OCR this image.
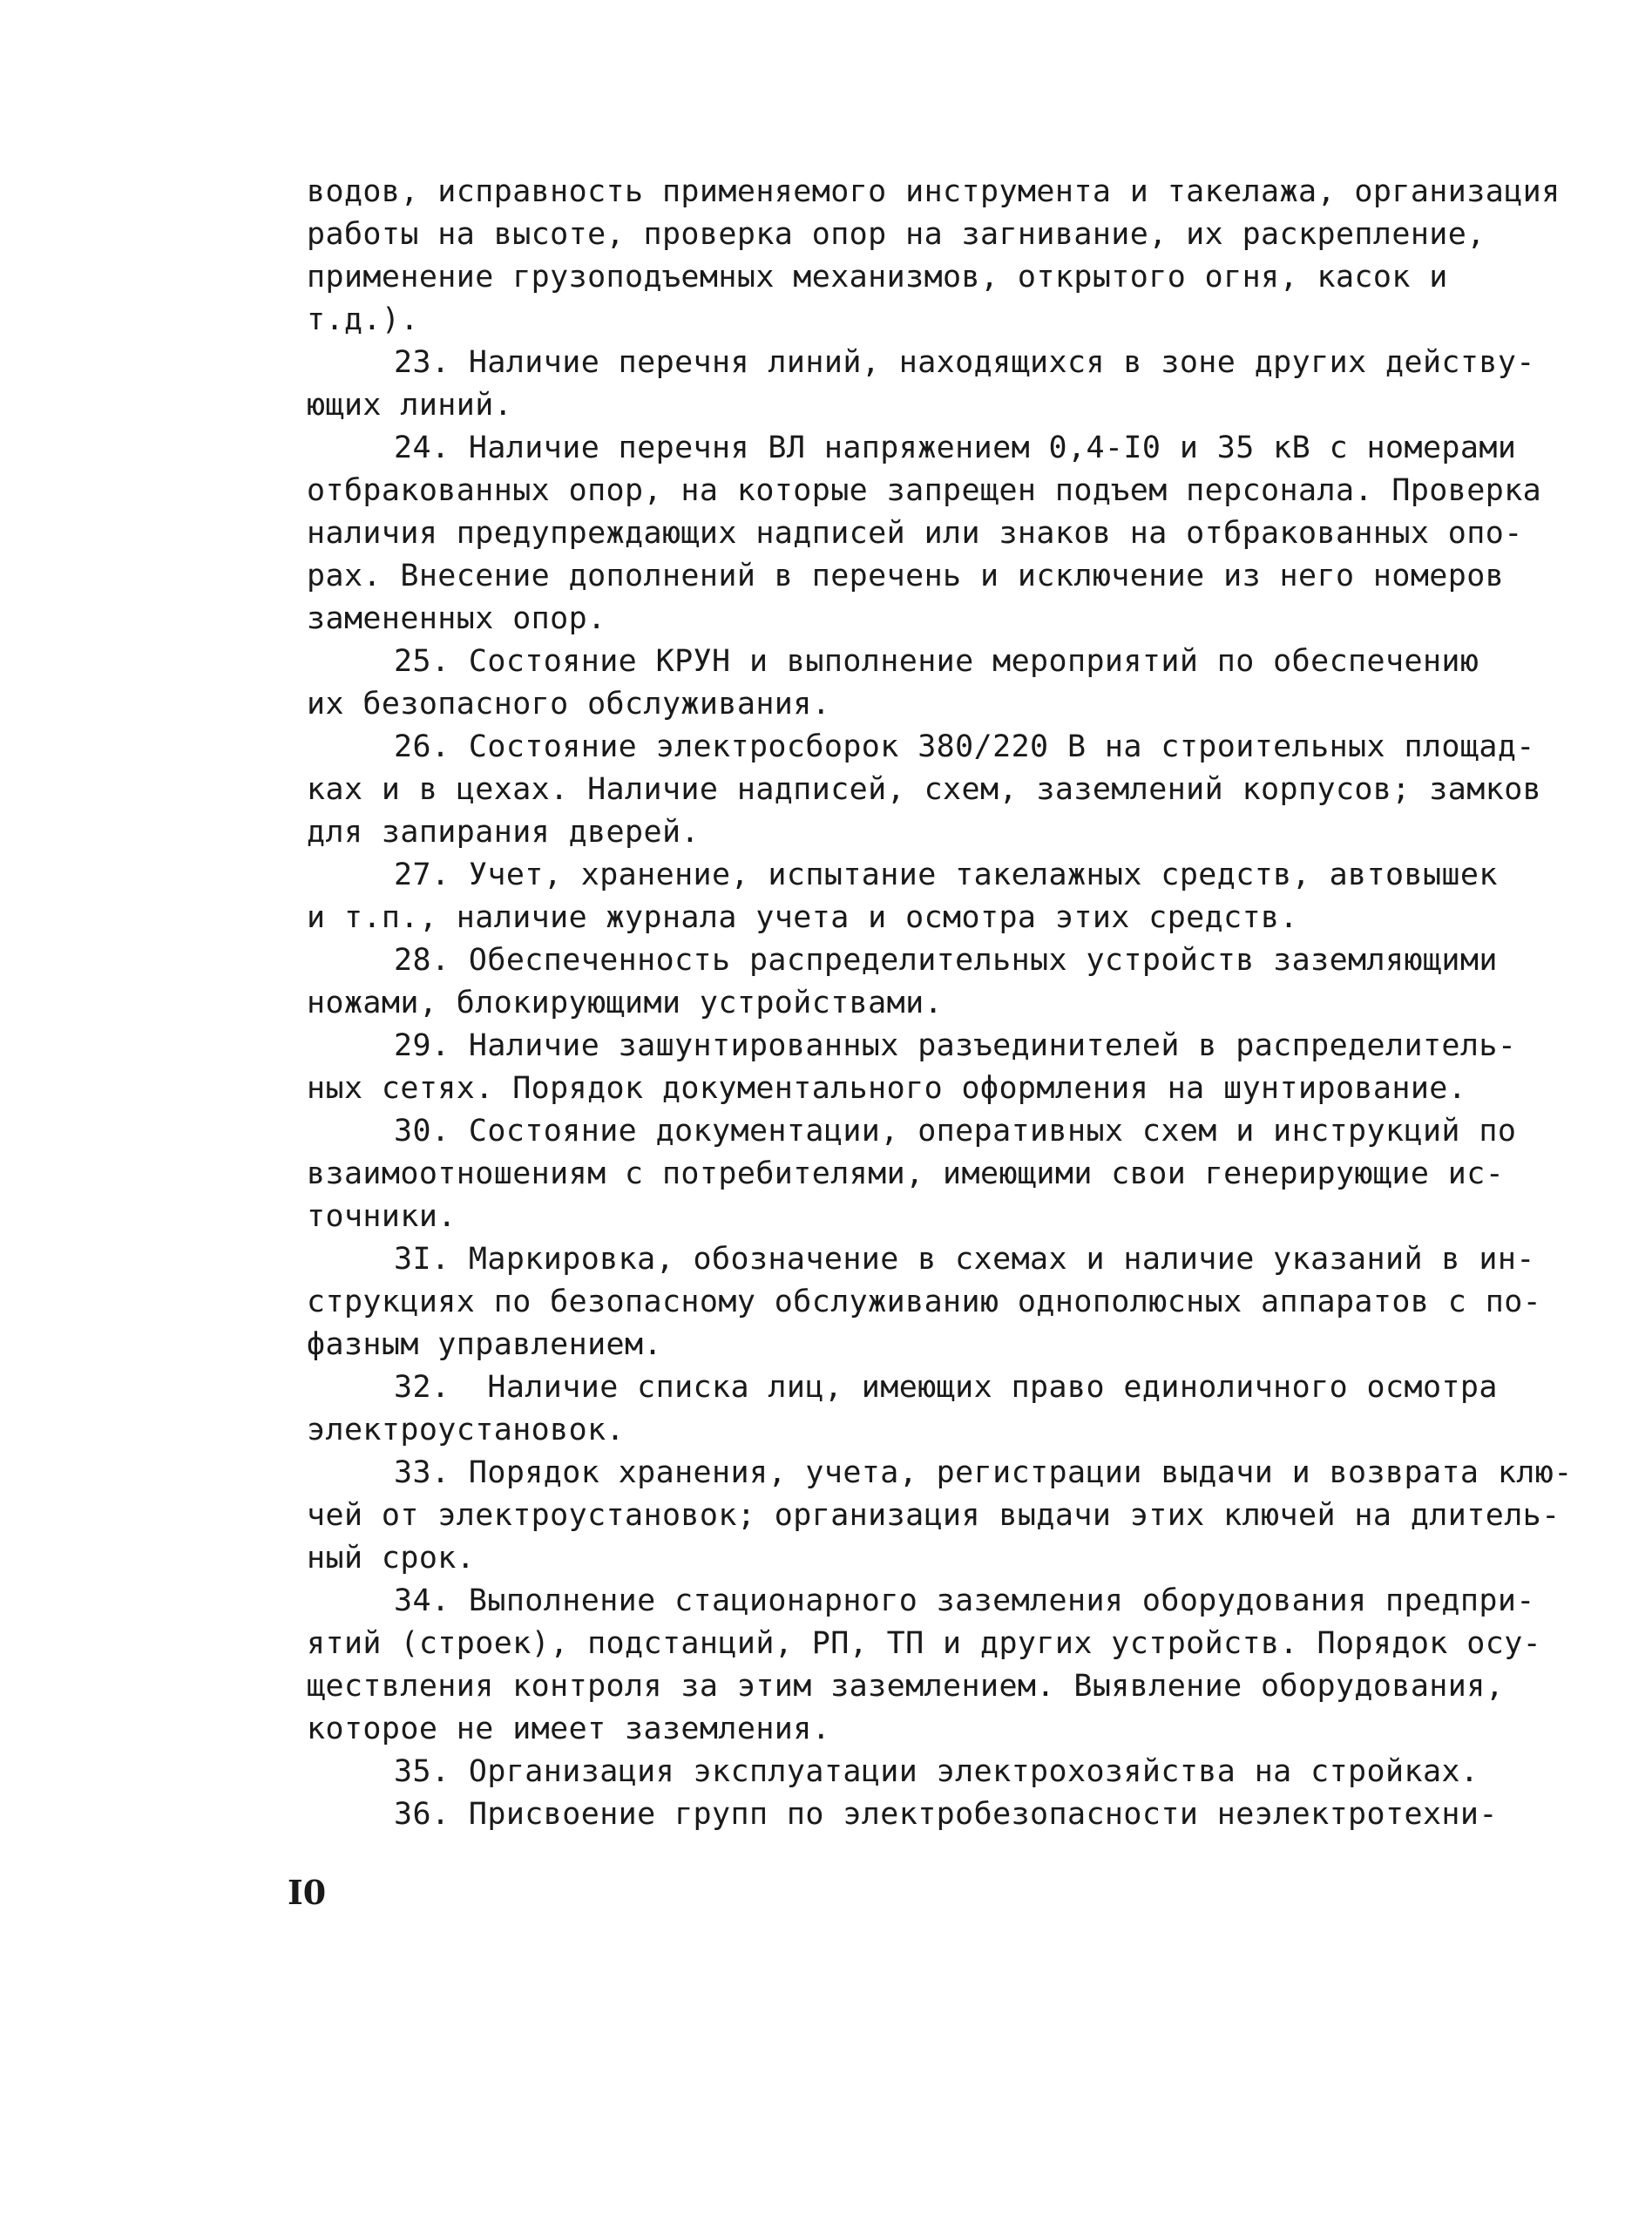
водов, исправность применяемого инструмента и такелажа, организация
работы на высоте, проверка опор на загнивание, их раскрепление,
применение грузоподъемных механизмов, открытого огня, касок и
т.д.).
23. Наличие перечня линий, находящихся в зоне других действу-
ющих линий.
24. Наличие перечня ВЛ напряжением 0,4-I0 и 35 кВ с номерами
отбракованных опор, на которые запрещен подъем персонала. Проверка
наличия предупреждающих надписей или знаков на отбракованных опо-
рах. Внесение дополнений в перечень и исключение из него номеров
замененных опор.
25. Состояние КРУН и выполнение мероприятий по обеспечению
их безопасного обслуживания.
26. Состояние электросборок 380/220 В на строительных площад-
ках и в цехах. Наличие надписей, схем, заземлений корпусов; замков
для запирания дверей.
27. Учет, хранение, испытание такелажных средств, автовышек
и т.п., наличие журнала учета и осмотра этих средств.
28. Обеспеченность распределительных устройств заземляющими
ножами, блокирующими устройствами.
29. Наличие зашунтированных разъединителей в распределитель-
ных сетях. Порядок документального оформления на шунтирование.
30. Состояние документации, оперативных схем и инструкций по
взаимоотношениям с потребителями, имеющими свои генерирующие ис-
точники.
3I. Маркировка, обозначение в схемах и наличие указаний в ин-
струкциях по безопасному обслуживанию однополюсных аппаратов с по-
фазным управлением.
32.  Наличие списка лиц, имеющих право единоличного осмотра
электроустановок.
33. Порядок хранения, учета, регистрации выдачи и возврата клю-
чей от электроустановок; организация выдачи этих ключей на длитель-
ный срок.
34. Выполнение стационарного заземления оборудования предпри-
ятий (строек), подстанций, РП, ТП и других устройств. Порядок осу-
ществления контроля за этим заземлением. Выявление оборудования,
которое не имеет заземления.
35. Организация эксплуатации электрохозяйства на стройках.
36. Присвоение групп по электробезопасности неэлектротехни-
I0
